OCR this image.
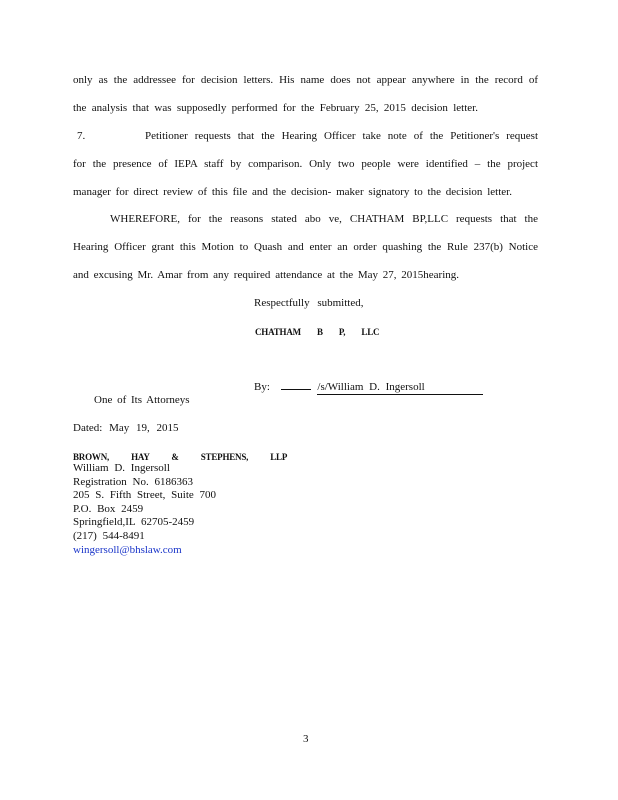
only as the addressee for decision letters. His name does not appear anywhere in the record of
the analysis that was supposedly performed for the February 25, 2015 decision letter.
7.	Petitioner requests that the Hearing Officer take note of the Petitioner's request
for the presence of IEPA staff by comparison. Only two people were identified – the project
manager for direct review of this file and the decision- maker signatory to the decision letter.
WHEREFORE, for the reasons stated abo ve, CHATHAM BP,LLC requests that the
Hearing Officer grant this Motion to Quash and enter an order quashing the Rule 237(b) Notice
and excusing Mr. Amar from any required attendance at the May 27, 2015hearing.
Respectfully submitted,
CHATHAM B P, LLC
By:	/s/William D. Ingersoll
One of Its Attorneys
Dated: May 19, 2015
BROWN, HAY & STEPHENS, LLP
William D. Ingersoll
Registration No. 6186363
205 S. Fifth Street, Suite 700
P.O. Box 2459
Springfield,IL 62705-2459
(217) 544-8491
wingersoll@bhslaw.com
3
